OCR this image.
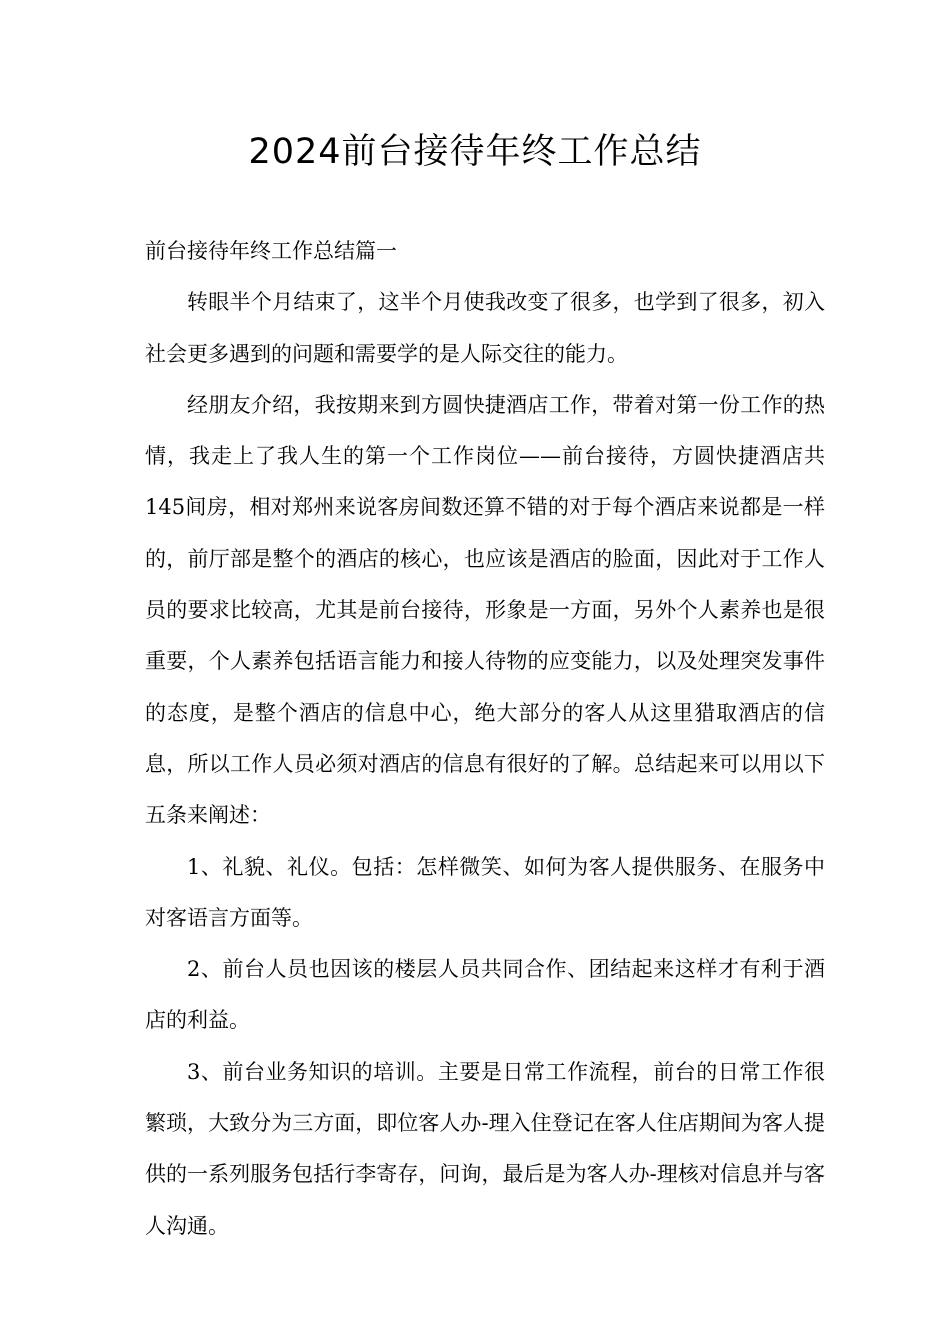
2024前台接待年终工作总结

前台接待年终工作总结篇一

转眼半个月结束了，这半个月使我改变了很多，也学到了很多，初入社会更多遇到的问题和需要学的是人际交往的能力。

经朋友介绍，我按期来到方圆快捷酒店工作，带着对第一份工作的热情，我走上了我人生的第一个工作岗位——前台接待，方圆快捷酒店共145间房，相对郑州来说客房间数还算不错的对于每个酒店来说都是一样的，前厅部是整个的酒店的核心，也应该是酒店的脸面，因此对于工作人员的要求比较高，尤其是前台接待，形象是一方面，另外个人素养也是很重要，个人素养包括语言能力和接人待物的应变能力，以及处理突发事件的态度，是整个酒店的信息中心，绝大部分的客人从这里猎取酒店的信息，所以工作人员必须对酒店的信息有很好的了解。总结起来可以用以下五条来阐述：

1、礼貌、礼仪。包括：怎样微笑、如何为客人提供服务、在服务中对客语言方面等。

2、前台人员也因该的楼层人员共同合作、团结起来这样才有利于酒店的利益。

3、前台业务知识的培训。主要是日常工作流程，前台的日常工作很繁琐，大致分为三方面，即位客人办-理入住登记在客人住店期间为客人提供的一系列服务包括行李寄存，问询，最后是为客人办-理核对信息并与客人沟通。
